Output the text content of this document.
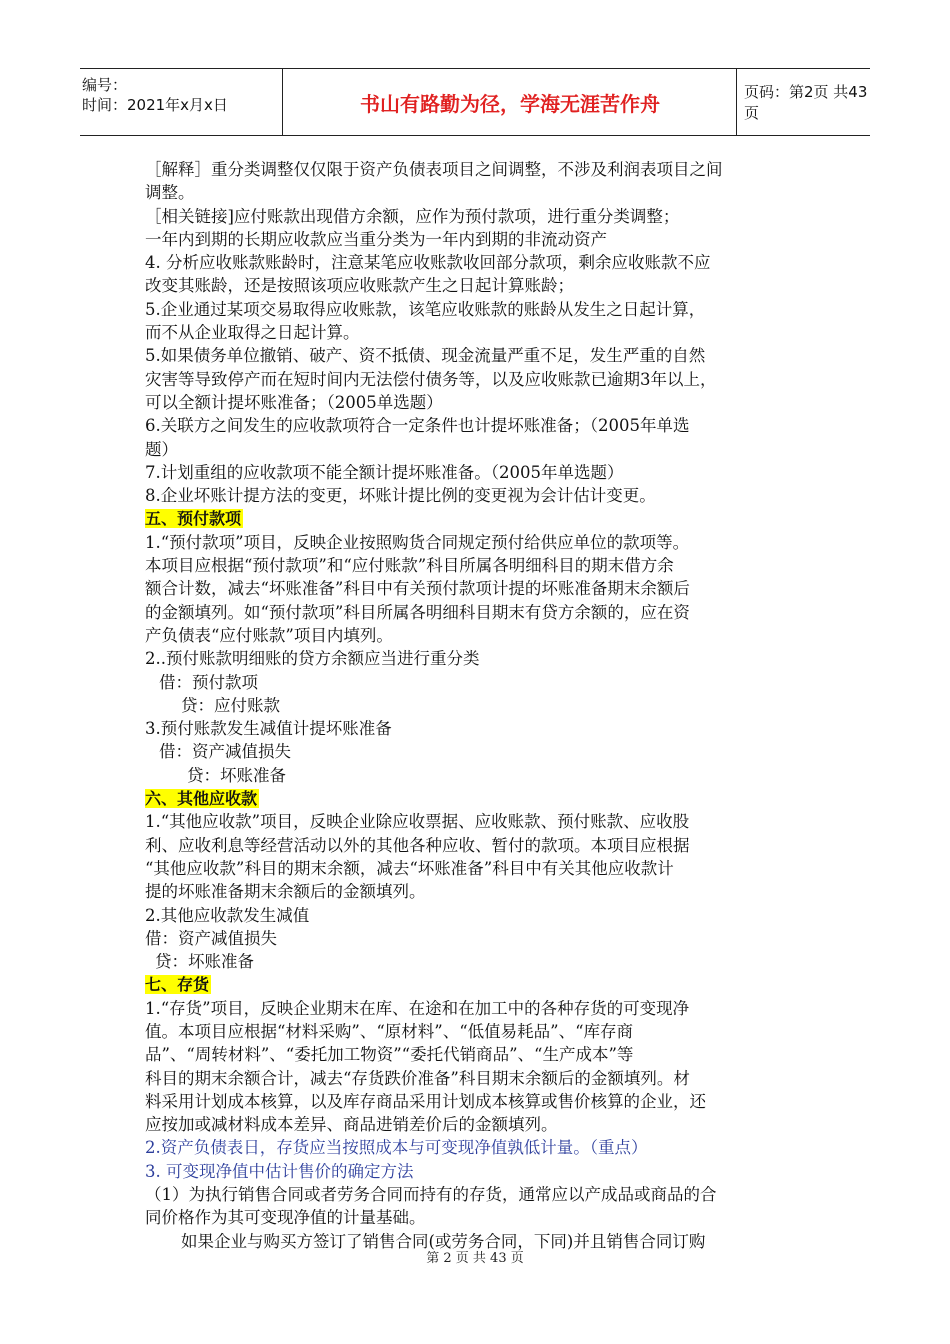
编号：
时间：2021年x月x日	书山有路勤为径，学海无涯苦作舟	页码：第2页 共43页
［解释］重分类调整仅仅限于资产负债表项目之间调整，不涉及利润表项目之间
调整。
［相关链接]应付账款出现借方余额，应作为预付款项，进行重分类调整；
一年内到期的长期应收款应当重分类为一年内到期的非流动资产
4. 分析应收账款账龄时，注意某笔应收账款收回部分款项，剩余应收账款不应
改变其账龄，还是按照该项应收账款产生之日起计算账龄；
5.企业通过某项交易取得应收账款，该笔应收账款的账龄从发生之日起计算，
而不从企业取得之日起计算。
5.如果债务单位撤销、破产、资不抵债、现金流量严重不足，发生严重的自然
灾害等导致停产而在短时间内无法偿付债务等，以及应收账款已逾期3年以上，
可以全额计提坏账准备；（2005单选题）
6.关联方之间发生的应收款项符合一定条件也计提坏账准备；（2005年单选
题）
7.计划重组的应收款项不能全额计提坏账准备。（2005年单选题）
8.企业坏账计提方法的变更，坏账计提比例的变更视为会计估计变更。
五、预付款项
1.“预付款项”项目，反映企业按照购货合同规定预付给供应单位的款项等。
本项目应根据“预付款项”和“应付账款”科目所属各明细科目的期末借方余
额合计数，减去“坏账准备”科目中有关预付款项计提的坏账准备期末余额后
的金额填列。如“预付款项”科目所属各明细科目期末有贷方余额的，应在资
产负债表“应付账款”项目内填列。
2..预付账款明细账的贷方余额应当进行重分类
借：预付款项
贷：应付账款
3.预付账款发生减值计提坏账准备
借：资产减值损失
贷：坏账准备
六、其他应收款
1.“其他应收款”项目，反映企业除应收票据、应收账款、预付账款、应收股
利、应收利息等经营活动以外的其他各种应收、暂付的款项。本项目应根据
“其他应收款”科目的期末余额，减去“坏账准备”科目中有关其他应收款计
提的坏账准备期末余额后的金额填列。
2.其他应收款发生减值
借：资产减值损失
贷：坏账准备
七、存货
1.“存货”项目，反映企业期末在库、在途和在加工中的各种存货的可变现净
值。本项目应根据“材料采购”、“原材料”、“低值易耗品”、“库存商
品”、“周转材料”、“委托加工物资”“委托代销商品”、“生产成本”等
科目的期末余额合计，减去“存货跌价准备”科目期末余额后的金额填列。材
料采用计划成本核算，以及库存商品采用计划成本核算或售价核算的企业，还
应按加或减材料成本差异、商品进销差价后的金额填列。
2.资产负债表日，存货应当按照成本与可变现净值孰低计量。（重点）
3. 可变现净值中估计售价的确定方法
（1）为执行销售合同或者劳务合同而持有的存货，通常应以产成品或商品的合
同价格作为其可变现净值的计量基础。
如果企业与购买方签订了销售合同(或劳务合同，下同)并且销售合同订购
第 2 页 共 43 页
